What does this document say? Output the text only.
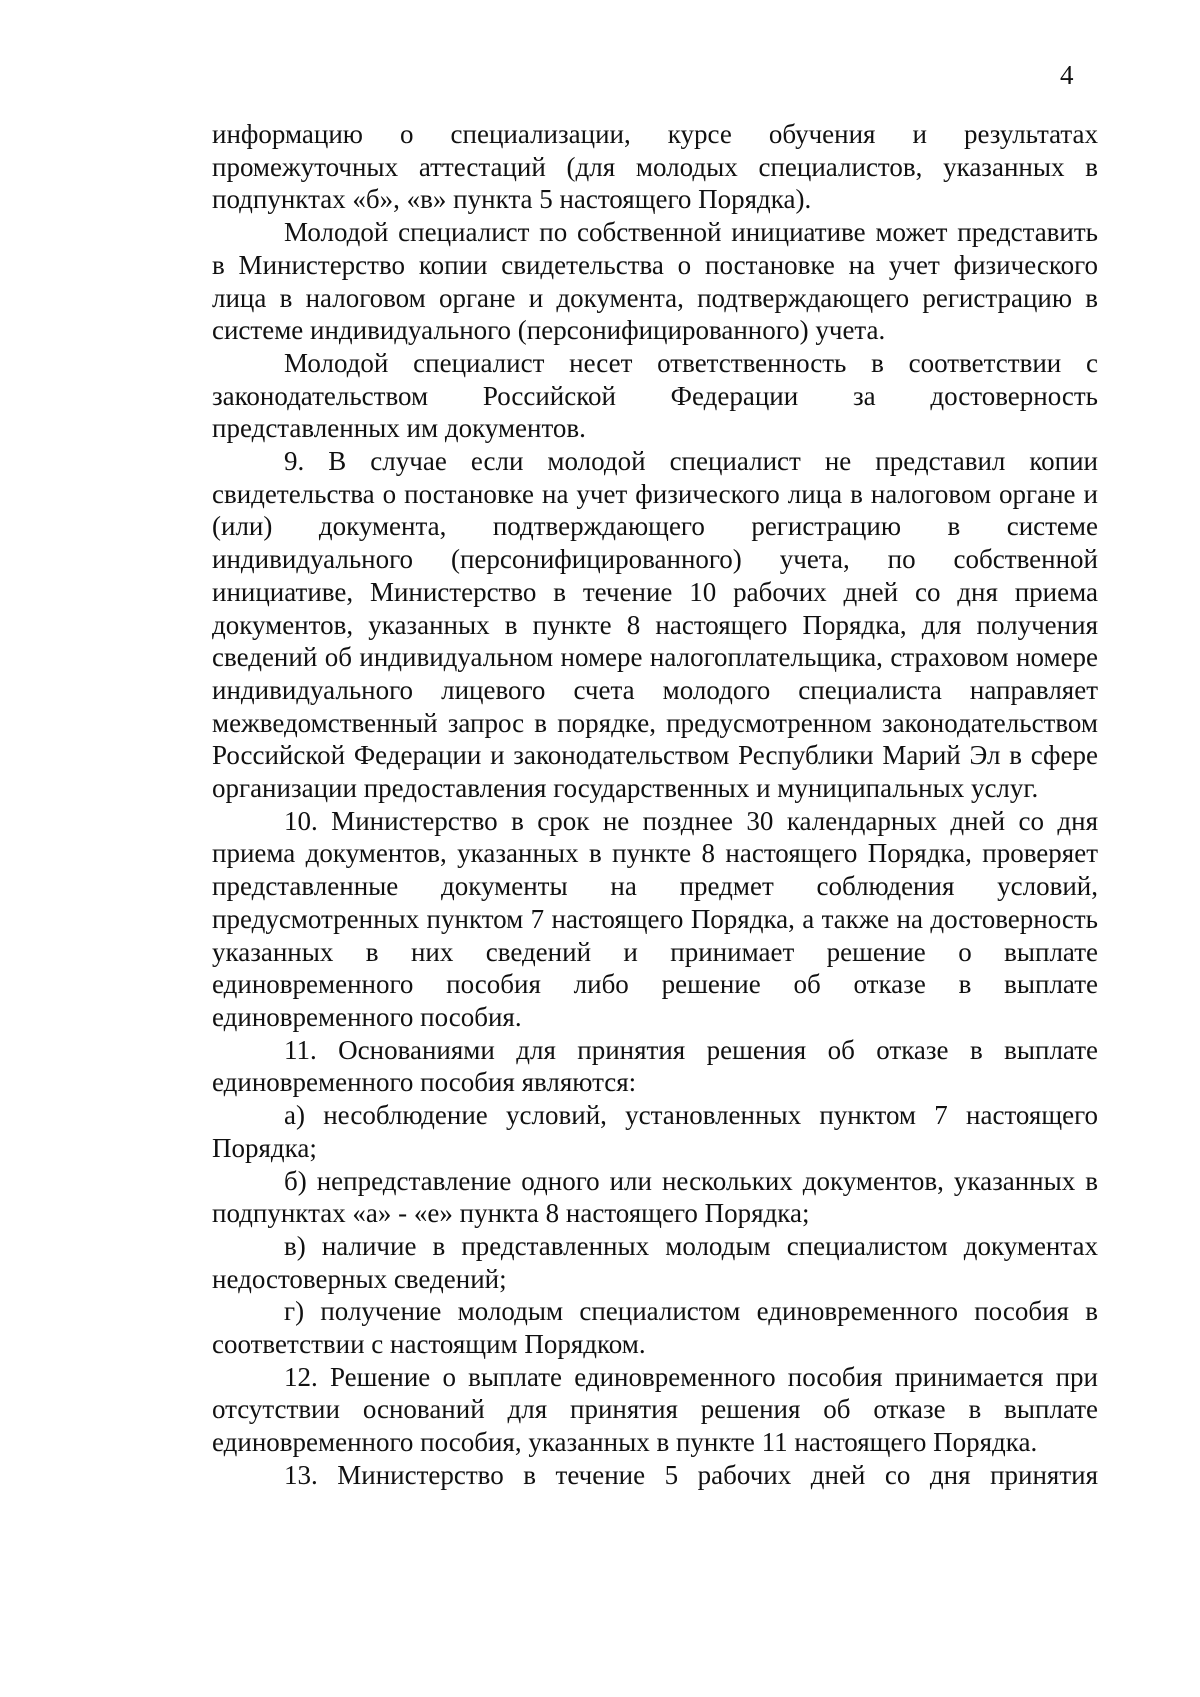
4

информацию о специализации, курсе обучения и результатах промежуточных аттестаций (для молодых специалистов, указанных в подпунктах «б», «в» пункта 5 настоящего Порядка).

Молодой специалист по собственной инициативе может представить в Министерство копии свидетельства о постановке на учет физического лица в налоговом органе и документа, подтверждающего регистрацию в системе индивидуального (персонифицированного) учета.

Молодой специалист несет ответственность в соответствии с законодательством Российской Федерации за достоверность представленных им документов.

9. В случае если молодой специалист не представил копии свидетельства о постановке на учет физического лица в налоговом органе и (или) документа, подтверждающего регистрацию в системе индивидуального (персонифицированного) учета, по собственной инициативе, Министерство в течение 10 рабочих дней со дня приема документов, указанных в пункте 8 настоящего Порядка, для получения сведений об индивидуальном номере налогоплательщика, страховом номере индивидуального лицевого счета молодого специалиста направляет межведомственный запрос в порядке, предусмотренном законодательством Российской Федерации и законодательством Республики Марий Эл в сфере организации предоставления государственных и муниципальных услуг.

10. Министерство в срок не позднее 30 календарных дней со дня приема документов, указанных в пункте 8 настоящего Порядка, проверяет представленные документы на предмет соблюдения условий, предусмотренных пунктом 7 настоящего Порядка, а также на достоверность указанных в них сведений и принимает решение о выплате единовременного пособия либо решение об отказе в выплате единовременного пособия.

11. Основаниями для принятия решения об отказе в выплате единовременного пособия являются:

а) несоблюдение условий, установленных пунктом 7 настоящего Порядка;

б) непредставление одного или нескольких документов, указанных в подпунктах «а» - «е» пункта 8 настоящего Порядка;

в) наличие в представленных молодым специалистом документах недостоверных сведений;

г) получение молодым специалистом единовременного пособия в соответствии с настоящим Порядком.

12. Решение о выплате единовременного пособия принимается при отсутствии оснований для принятия решения об отказе в выплате единовременного пособия, указанных в пункте 11 настоящего Порядка.

13. Министерство в течение 5 рабочих дней со дня принятия
